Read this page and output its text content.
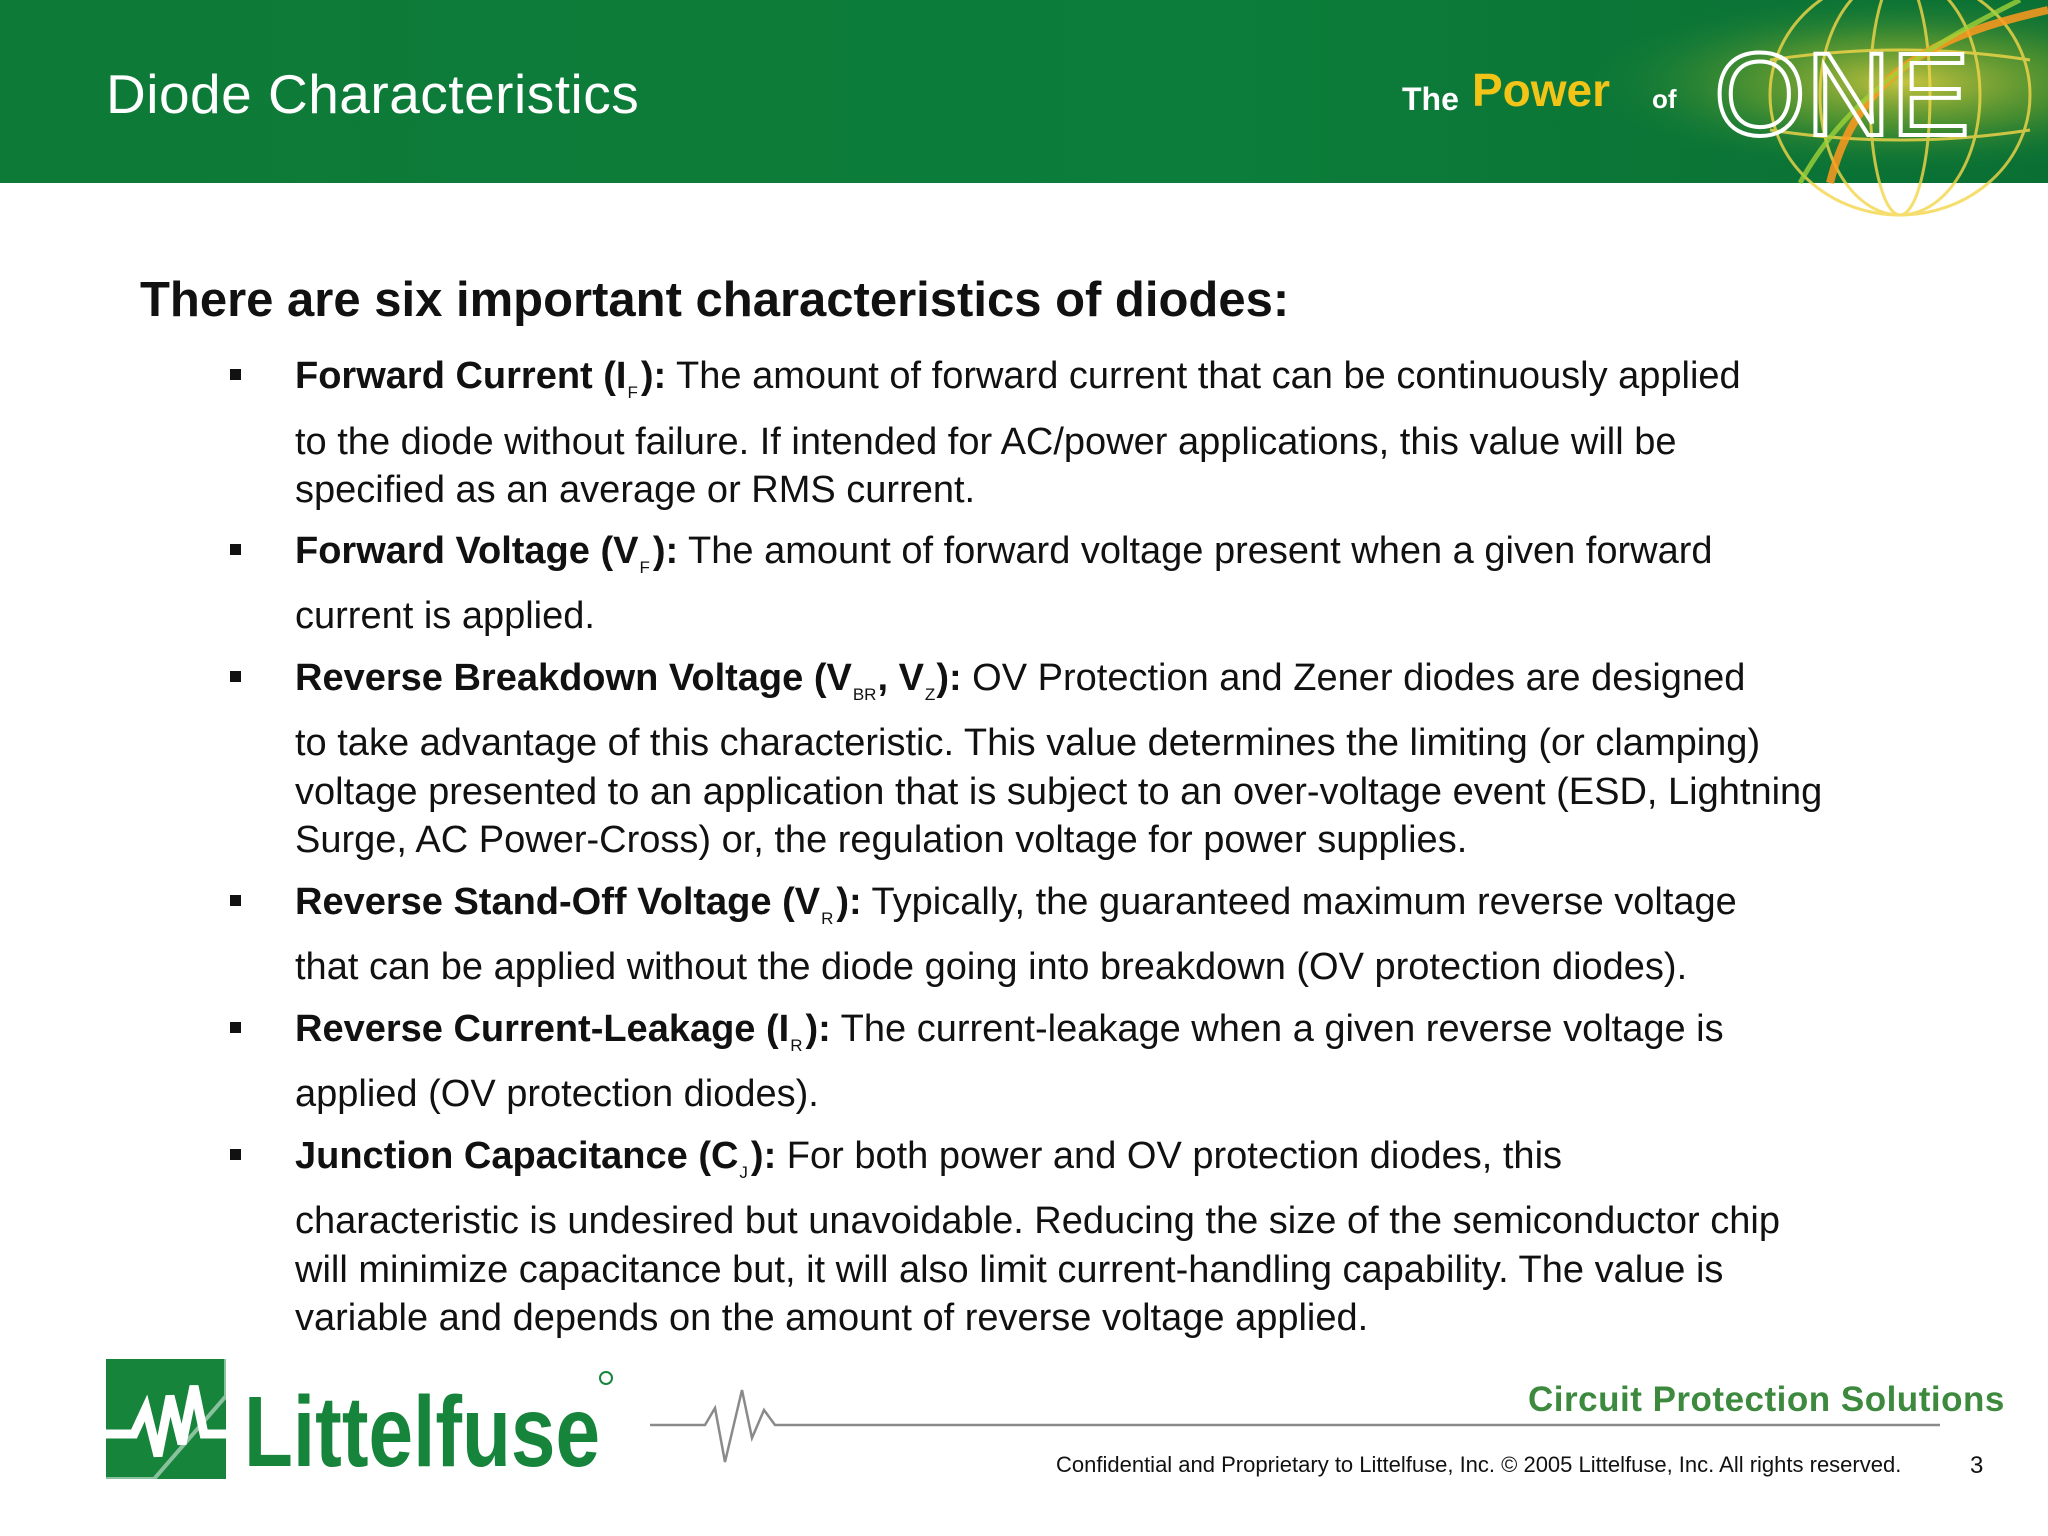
Diode Characteristics	The Power of ONE
There are six important characteristics of diodes:
Forward Current $(I_F)$: The amount of forward current that can be continuously applied
to the diode without failure. If intended for AC/power applications, this value will be specified as an average or RMS current.
Forward Voltage $(V_F)$: The amount of forward voltage present when a given forward
current is applied.
Reverse Breakdown Voltage ($V_{BR}$, $V_Z$): OV Protection and Zener diodes are designed
to take advantage of this characteristic. This value determines the limiting (or clamping) voltage presented to an application that is subject to an over-voltage event (ESD, Lightning Surge, AC Power-Cross) or, the regulation voltage for power supplies.
Reverse Stand-Off Voltage $(V_R)$: Typically, the guaranteed maximum reverse voltage
that can be applied without the diode going into breakdown (OV protection diodes).
Reverse Current-Leakage $(I_R)$: The current-leakage when a given reverse voltage is
applied (OV protection diodes).
Junction Capacitance $(C_J)$: For both power and OV protection diodes, this
characteristic is undesired but unavoidable. Reducing the size of the semiconductor chip will minimize capacitance but, it will also limit current-handling capability. The value is variable and depends on the amount of reverse voltage applied.
Littelfuse	Circuit Protection Solutions
Confidential and Proprietary to Littelfuse, Inc. © 2005 Littelfuse, Inc. All rights reserved.	3
